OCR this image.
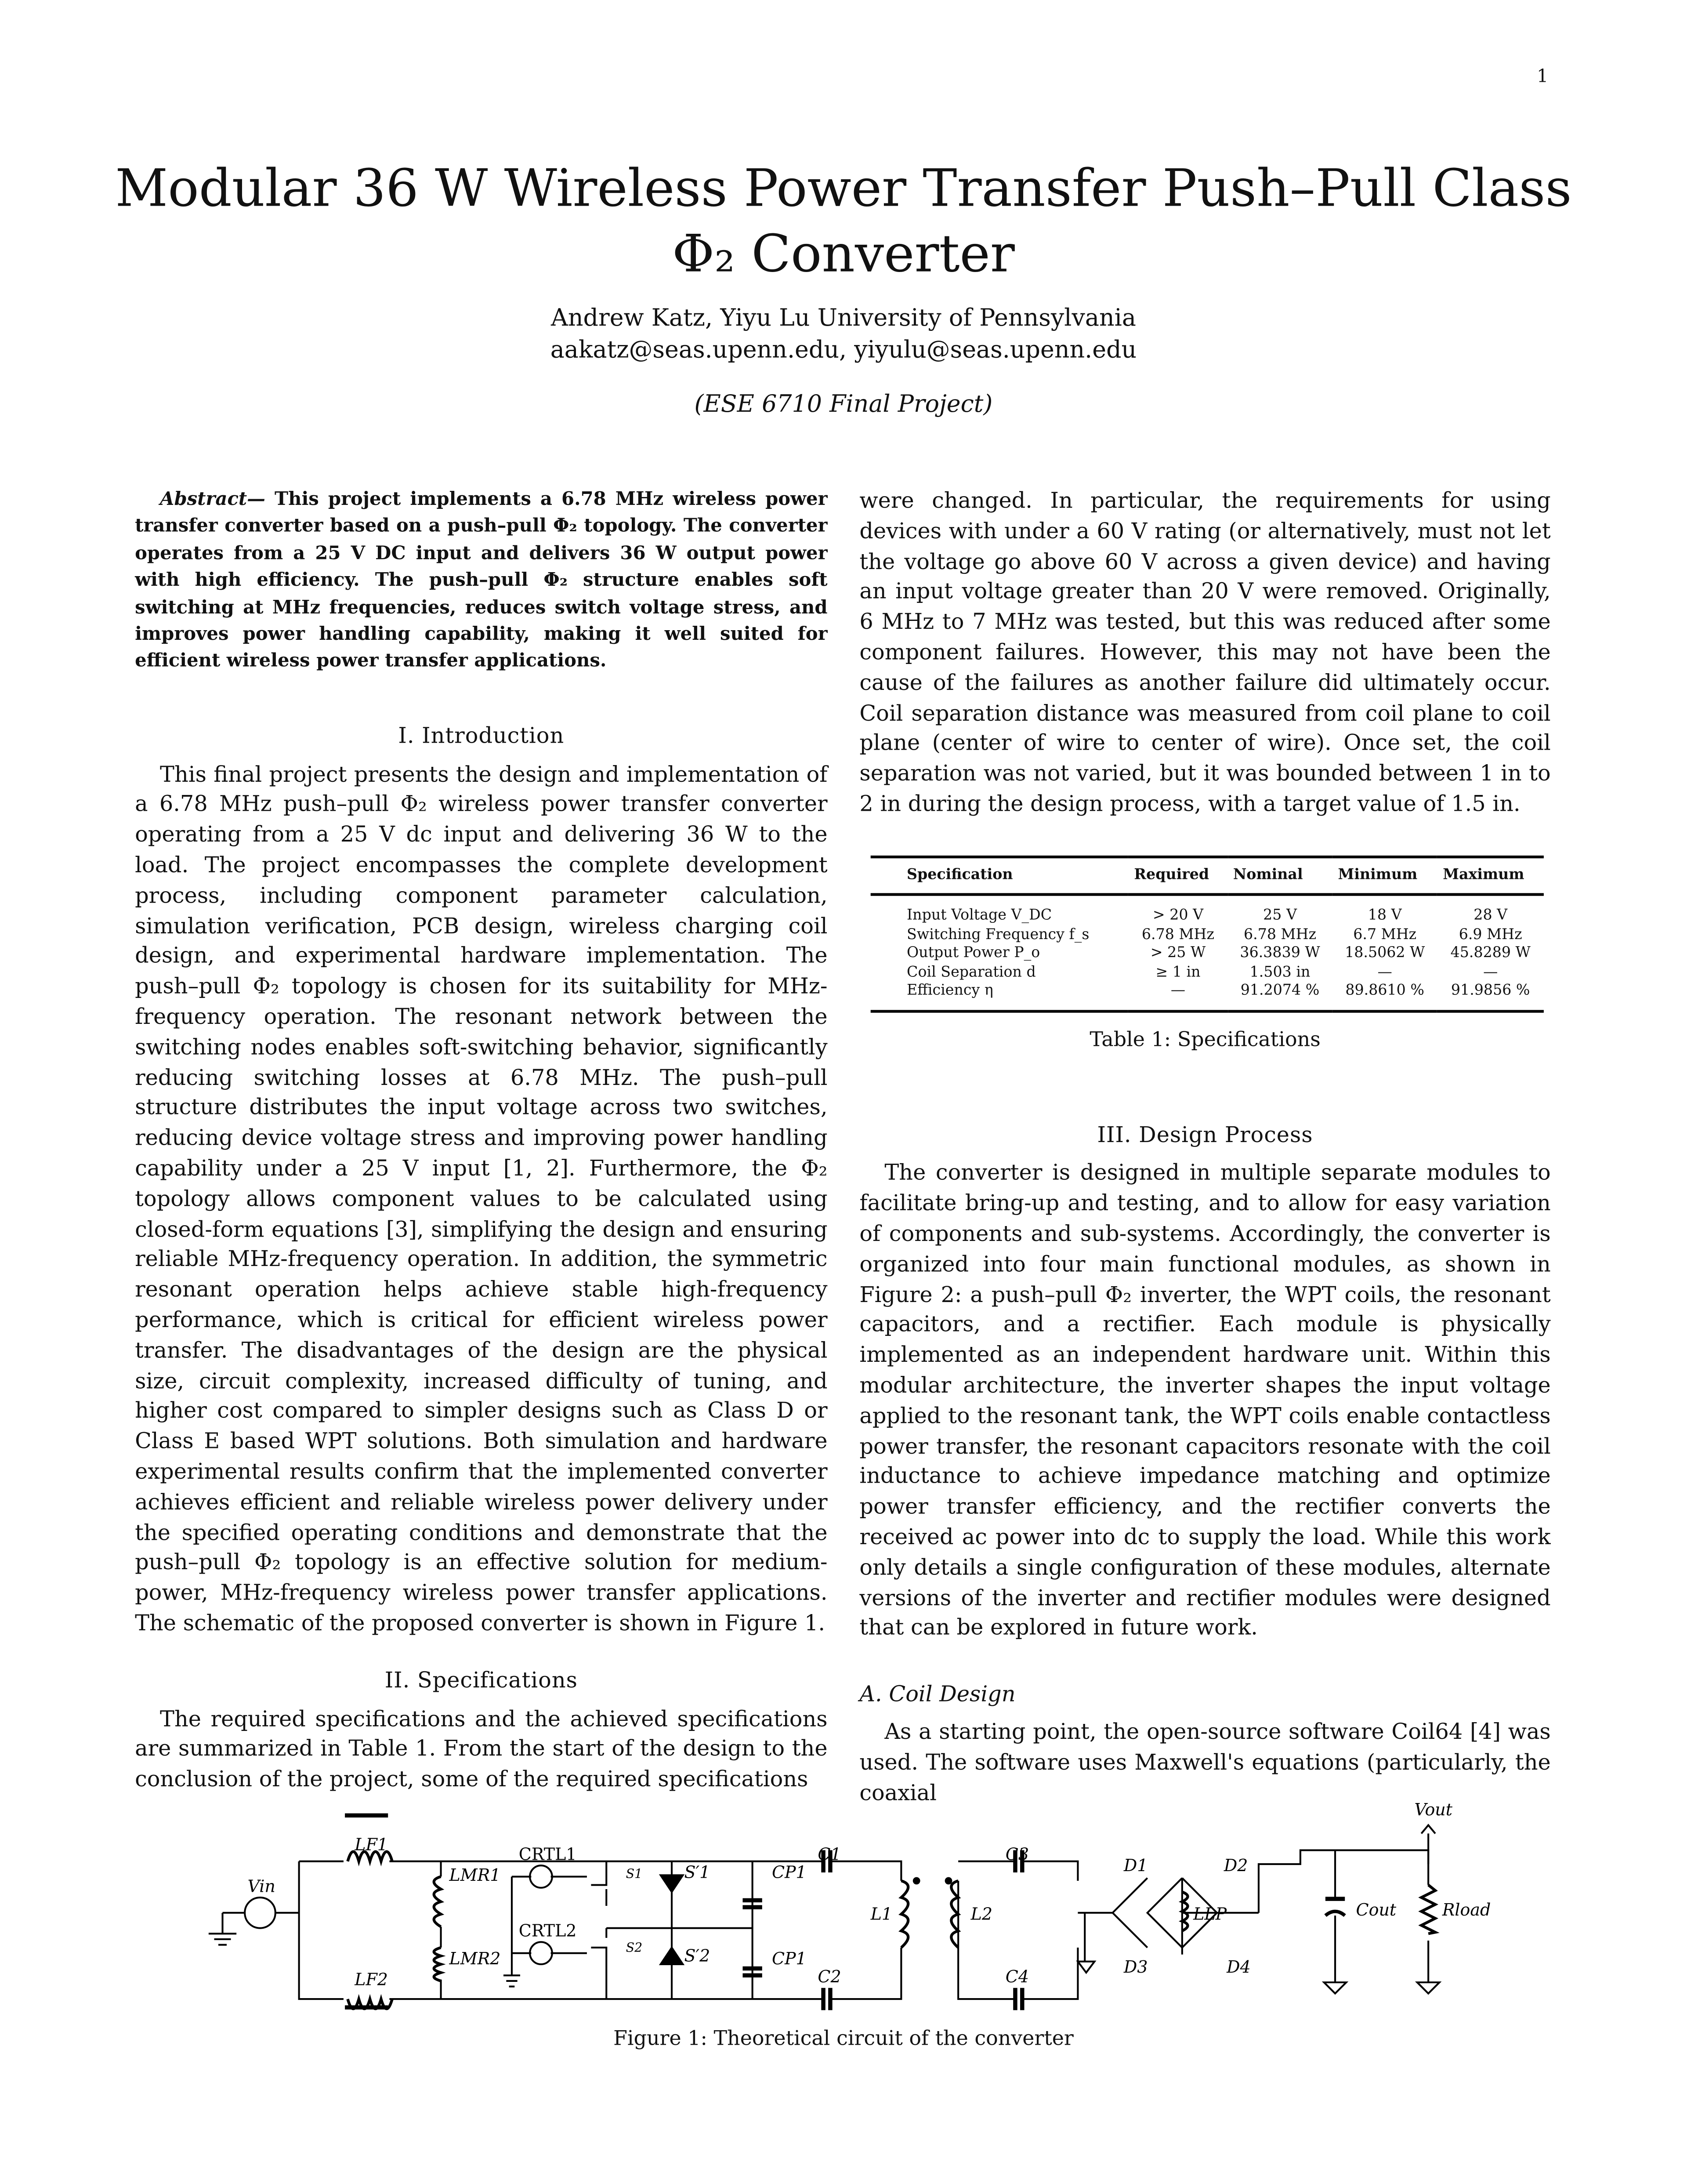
1
Modular 36 W Wireless Power Transfer Push–Pull Class Φ₂ Converter
Andrew Katz, Yiyu Lu University of Pennsylvania
aakatz@seas.upenn.edu, yiyulu@seas.upenn.edu
(ESE 6710 Final Project)

Abstract— This project implements a 6.78 MHz wireless power transfer converter based on a push–pull Φ₂ topology. The converter operates from a 25 V DC input and delivers 36 W output power with high efficiency. The push–pull Φ₂ structure enables soft switching at MHz frequencies, reduces switch voltage stress, and improves power handling capability, making it well suited for efficient wireless power transfer applications.

I. Introduction

This final project presents the design and implementation of a 6.78 MHz push–pull Φ₂ wireless power transfer converter operating from a 25 V dc input and delivering 36 W to the load. The project encompasses the complete development process, including component parameter calculation, simulation verification, PCB design, wireless charging coil design, and experimental hardware implementation. The push–pull Φ₂ topology is chosen for its suitability for MHz-frequency operation. The resonant network between the switching nodes enables soft-switching behavior, significantly reducing switching losses at 6.78 MHz. The push–pull structure distributes the input voltage across two switches, reducing device voltage stress and improving power handling capability under a 25 V input [1, 2]. Furthermore, the Φ₂ topology allows component values to be calculated using closed-form equations [3], simplifying the design and ensuring reliable MHz-frequency operation. In addition, the symmetric resonant operation helps achieve stable high-frequency performance, which is critical for efficient wireless power transfer. The disadvantages of the design are the physical size, circuit complexity, increased difficulty of tuning, and higher cost compared to simpler designs such as Class D or Class E based WPT solutions. Both simulation and hardware experimental results confirm that the implemented converter achieves efficient and reliable wireless power delivery under the specified operating conditions and demonstrate that the push–pull Φ₂ topology is an effective solution for medium-power, MHz-frequency wireless power transfer applications. The schematic of the proposed converter is shown in Figure 1.

II. Specifications

The required specifications and the achieved specifications are summarized in Table 1. From the start of the design to the conclusion of the project, some of the required specifications

were changed. In particular, the requirements for using devices with under a 60 V rating (or alternatively, must not let the voltage go above 60 V across a given device) and having an input voltage greater than 20 V were removed. Originally, 6 MHz to 7 MHz was tested, but this was reduced after some component failures. However, this may not have been the cause of the failures as another failure did ultimately occur. Coil separation distance was measured from coil plane to coil plane (center of wire to center of wire). Once set, the coil separation was not varied, but it was bounded between 1 in to 2 in during the design process, with a target value of 1.5 in.

Specification	Required	Nominal	Minimum	Maximum
Input Voltage V_DC	> 20 V	25 V	18 V	28 V
Switching Frequency f_s	6.78 MHz	6.78 MHz	6.7 MHz	6.9 MHz
Output Power P_o	> 25 W	36.3839 W	18.5062 W	45.8289 W
Coil Separation d	≥ 1 in	1.503 in	—	—
Efficiency η	—	91.2074 %	89.8610 %	91.9856 %
Table 1: Specifications
III. Design Process

The converter is designed in multiple separate modules to facilitate bring-up and testing, and to allow for easy variation of components and sub-systems. Accordingly, the converter is organized into four main functional modules, as shown in Figure 2: a push–pull Φ₂ inverter, the WPT coils, the resonant capacitors, and a rectifier. Each module is physically implemented as an independent hardware unit. Within this modular architecture, the inverter shapes the input voltage applied to the resonant tank, the WPT coils enable contactless power transfer, the resonant capacitors resonate with the coil inductance to achieve impedance matching and optimize power transfer efficiency, and the rectifier converts the received ac power into dc to supply the load. While this work only details a single configuration of these modules, alternate versions of the inverter and rectifier modules were designed that can be explored in future work.

A. Coil Design

As a starting point, the open-source software Coil64 [4] was used. The software uses Maxwell's equations (particularly, the coaxial

Vin
LF1
LF2
LMR1
LMR2
CRTL1
CRTL2
S1
S2
S′1
S′2
CP1
CP1
C1
C2
C3
C4
L1	L2
D1	D2
D3	D4
LLP	Cout	Rload
Vout
Figure 1: Theoretical circuit of the converter
